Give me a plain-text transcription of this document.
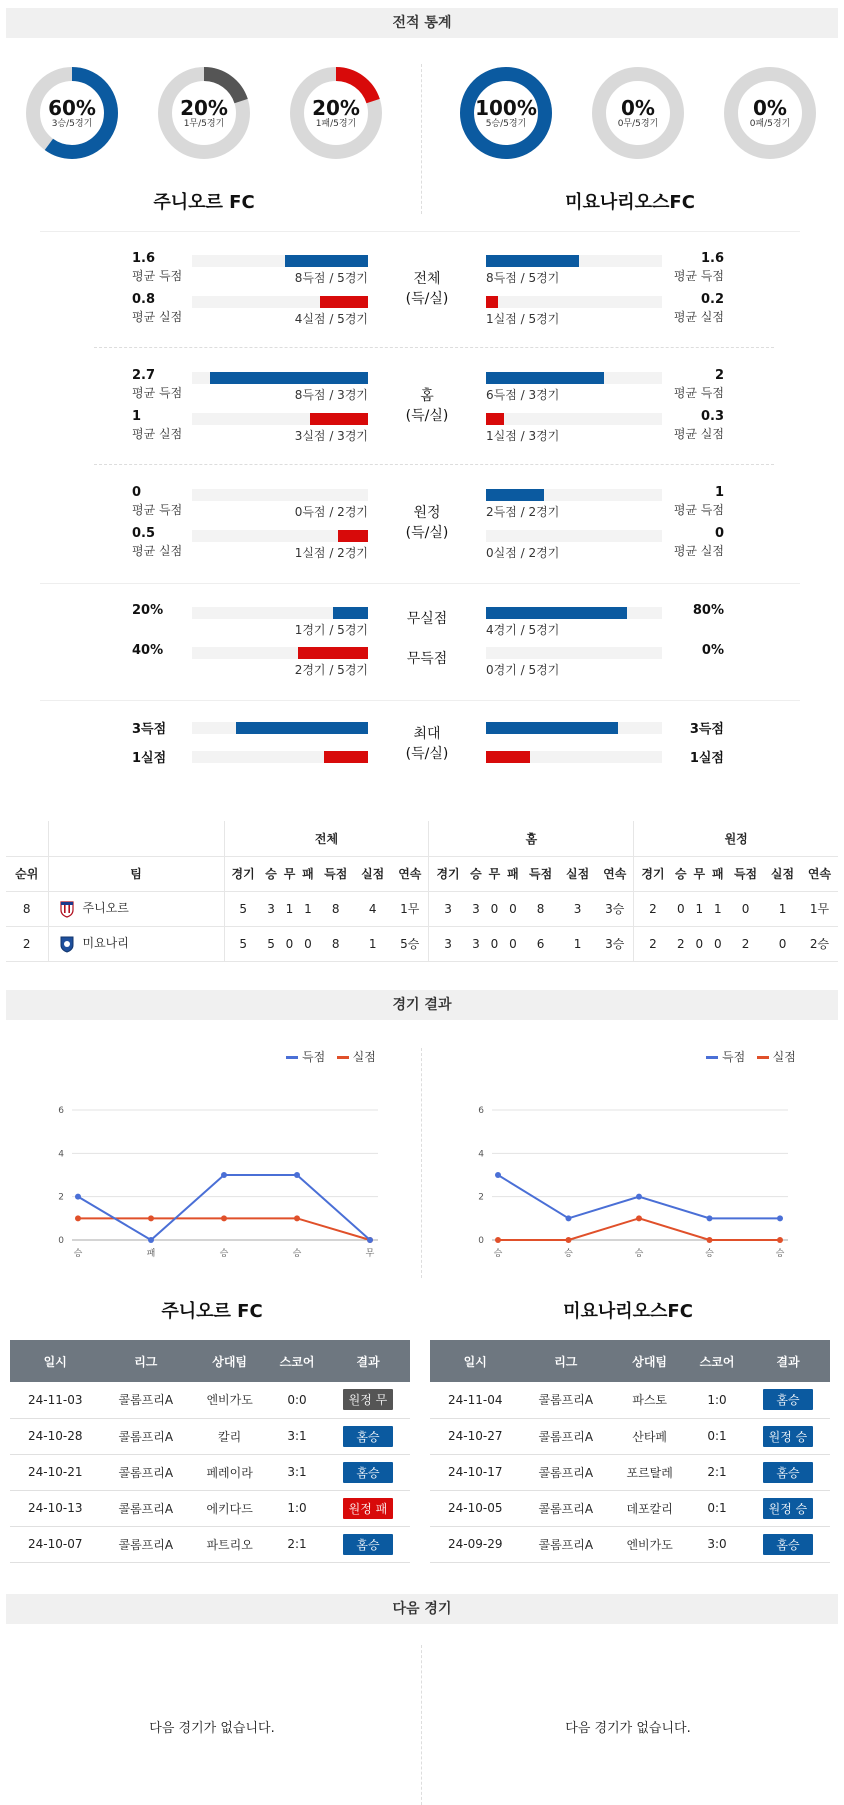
전적 통계
60%
3승/5경기
20%
1무/5경기
20%
1패/5경기
100%
5승/5경기
0%
0무/5경기
0%
0패/5경기
주니오르 FC	미요나리오스FC
1.6
평균 득점	8득점 / 5경기	8득점 / 5경기
1.6
평균 득점
0.8
평균 실점	4실점 / 5경기	1실점 / 5경기
0.2
평균 실점
전체
(득/실)
2.7
평균 득점	8득점 / 3경기	6득점 / 3경기
2
평균 득점
1
평균 실점	3실점 / 3경기	1실점 / 3경기
0.3
평균 실점
홈
(득/실)
0
평균 득점	0득점 / 2경기	2득점 / 2경기
1
평균 득점
0.5
평균 실점	1실점 / 2경기	0실점 / 2경기
0
평균 실점
원정
(득/실)
20%
1경기 / 5경기
무실점
4경기 / 5경기
80%
40%
2경기 / 5경기
무득점
0경기 / 5경기
0%
3득점	3득점
1실점	1실점
최대
(득/실)
		전체							홈							원정						
순위	팀	경기	승	무	패	득점	실점	연속	경기	승	무	패	득점	실점	연속	경기	승	무	패	득점	실점	연속
8	주니오르	5	3	1	1	8	4	1무	3	3	0	0	8	3	3승	2	0	1	1	0	1	1무
2	미요나리	5	5	0	0	8	1	5승	3	3	0	0	6	1	3승	2	2	0	0	2	0	2승
경기 결과
득점 실점	득점 실점
0
2
4
6
승	패	승	승	무
0
2
4
6
승	승	승	승	승
주니오르 FC	미요나리오스FC
일시	리그	상대팀	스코어	결과
24-11-03	콜롬프리A	엔비가도	0:0	원정 무
24-10-28	콜롬프리A	칼리	3:1	홈승
24-10-21	콜롬프리A	페레이라	3:1	홈승
24-10-13	콜롬프리A	에키다드	1:0	원정 패
24-10-07	콜롬프리A	파트리오	2:1	홈승
일시	리그	상대팀	스코어	결과
24-11-04	콜롬프리A	파스토	1:0	홈승
24-10-27	콜롬프리A	산타페	0:1	원정 승
24-10-17	콜롬프리A	포르탈레	2:1	홈승
24-10-05	콜롬프리A	데포칼리	0:1	원정 승
24-09-29	콜롬프리A	엔비가도	3:0	홈승
다음 경기
다음 경기가 없습니다.	다음 경기가 없습니다.
